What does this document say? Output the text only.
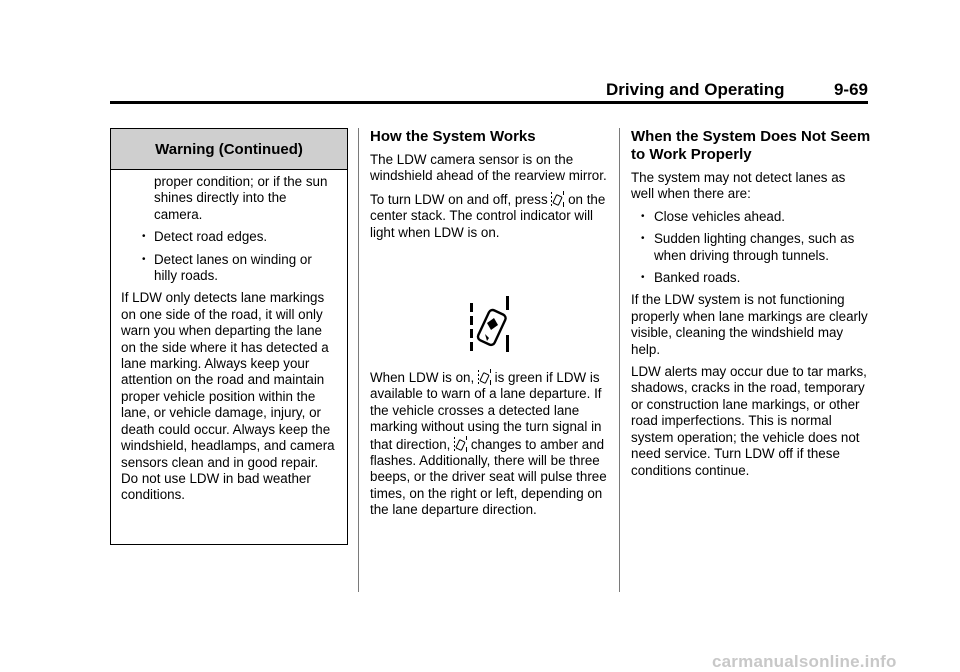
Driving and Operating	9-69
Warning (Continued)
proper condition; or if the sun shines directly into the camera.
• Detect road edges.
• Detect lanes on winding or hilly roads.
If LDW only detects lane markings on one side of the road, it will only warn you when departing the lane on the side where it has detected a lane marking. Always keep your attention on the road and maintain proper vehicle position within the lane, or vehicle damage, injury, or death could occur. Always keep the windshield, headlamps, and camera sensors clean and in good repair. Do not use LDW in bad weather conditions.
How the System Works

The LDW camera sensor is on the windshield ahead of the rearview mirror.

To turn LDW on and off, press  on the center stack. The control indicator will light when LDW is on.

When LDW is on,  is green if LDW is available to warn of a lane departure. If the vehicle crosses a detected lane marking without using the turn signal in that direction,  changes to amber and flashes. Additionally, there will be three beeps, or the driver seat will pulse three times, on the right or left, depending on the lane departure direction.

When the System Does Not Seem to Work Properly

The system may not detect lanes as well when there are:

• Close vehicles ahead.
• Sudden lighting changes, such as when driving through tunnels.
• Banked roads.

If the LDW system is not functioning properly when lane markings are clearly visible, cleaning the windshield may help.

LDW alerts may occur due to tar marks, shadows, cracks in the road, temporary or construction lane markings, or other road imperfections. This is normal system operation; the vehicle does not need service. Turn LDW off if these conditions continue.

carmanualsonline.info
